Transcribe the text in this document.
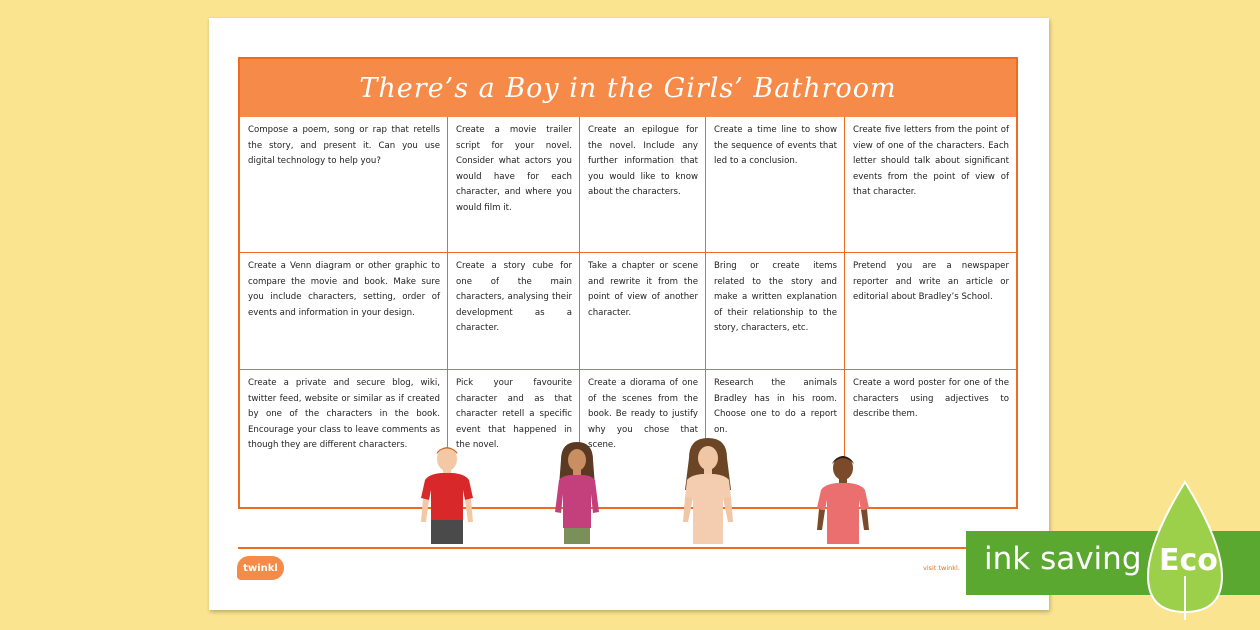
There’s a Boy in the Girls’ Bathroom
Compose a poem, song or rap that retells the story, and present it. Can you use digital technology to help you?
Create a movie trailer script for your novel. Consider what actors you would have for each character, and where you would film it.
Create an epilogue for the novel. Include any further information that you would like to know about the characters.
Create a time line to show the sequence of events that led to a conclusion.
Create five letters from the point of view of one of the characters. Each letter should talk about significant events from the point of view of that character.
Create a Venn diagram or other graphic to compare the movie and book. Make sure you include characters, setting, order of events and information in your design.
Create a story cube for one of the main characters, analysing their development as a character.
Take a chapter or scene and rewrite it from the point of view of another character.
Bring or create items related to the story and make a written explanation of their relationship to the story, characters, etc.
Pretend you are a newspaper reporter and write an article or editorial about Bradley’s School.
Create a private and secure blog, wiki, twitter feed, website or similar as if created by one of the characters in the book. Encourage your class to leave comments as though they are different characters.
Pick your favourite character and as that character retell a specific event that happened in the novel.
Create a diorama of one of the scenes from the book. Be ready to justify why you chose that scene.
Research the animals Bradley has in his room. Choose one to do a report on.
Create a word poster for one of the characters using adjectives to describe them.
twinkl	visit twinkl. ink saving Eco
